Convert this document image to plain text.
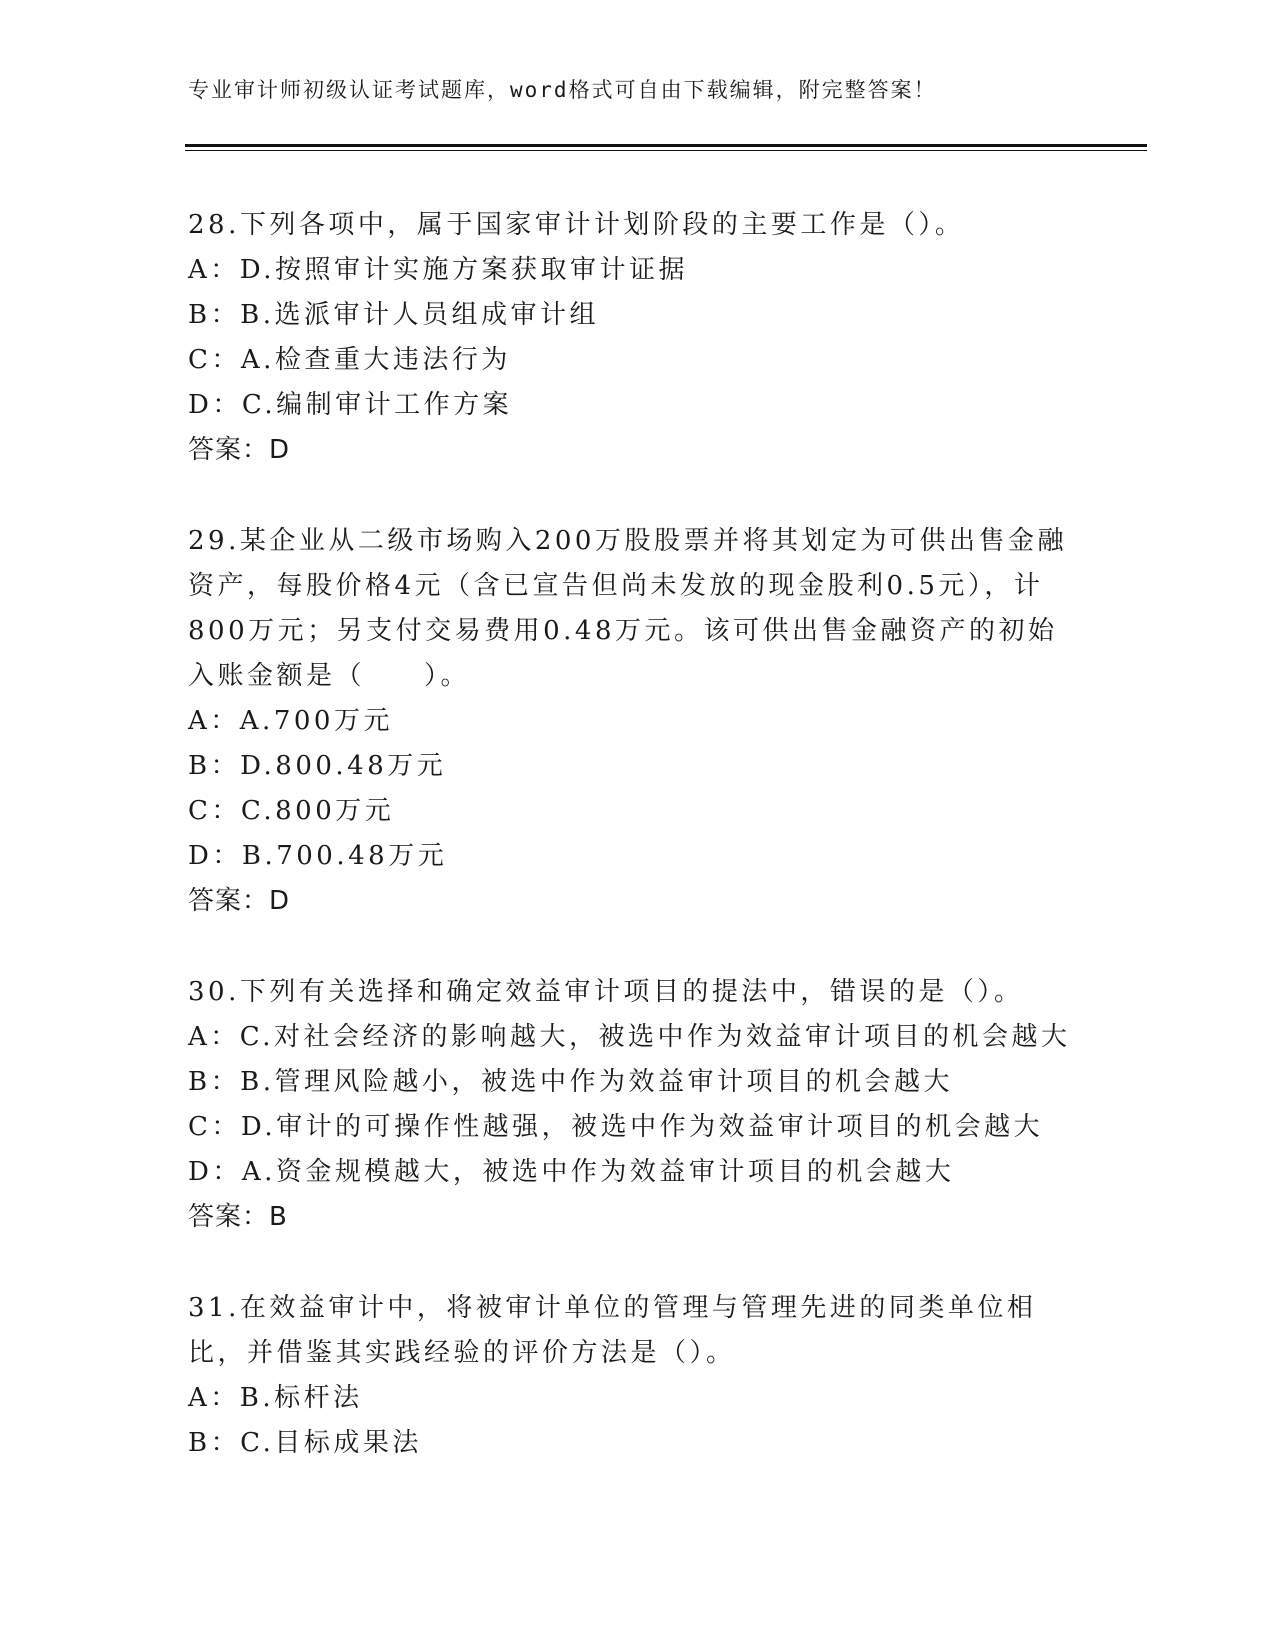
专业审计师初级认证考试题库，word格式可自由下载编辑，附完整答案！
28.下列各项中，属于国家审计计划阶段的主要工作是（）。
A：D.按照审计实施方案获取审计证据
B：B.选派审计人员组成审计组
C：A.检查重大违法行为
D：C.编制审计工作方案
答案：D
29.某企业从二级市场购入200万股股票并将其划定为可供出售金融资产，每股价格4元（含已宣告但尚未发放的现金股利0.5元），计800万元；另支付交易费用0.48万元。该可供出售金融资产的初始入账金额是（　　）。
A：A.700万元
B：D.800.48万元
C：C.800万元
D：B.700.48万元
答案：D
30.下列有关选择和确定效益审计项目的提法中，错误的是（）。
A：C.对社会经济的影响越大，被选中作为效益审计项目的机会越大
B：B.管理风险越小，被选中作为效益审计项目的机会越大
C：D.审计的可操作性越强，被选中作为效益审计项目的机会越大
D：A.资金规模越大，被选中作为效益审计项目的机会越大
答案：B
31.在效益审计中，将被审计单位的管理与管理先进的同类单位相比，并借鉴其实践经验的评价方法是（）。
A：B.标杆法
B：C.目标成果法
